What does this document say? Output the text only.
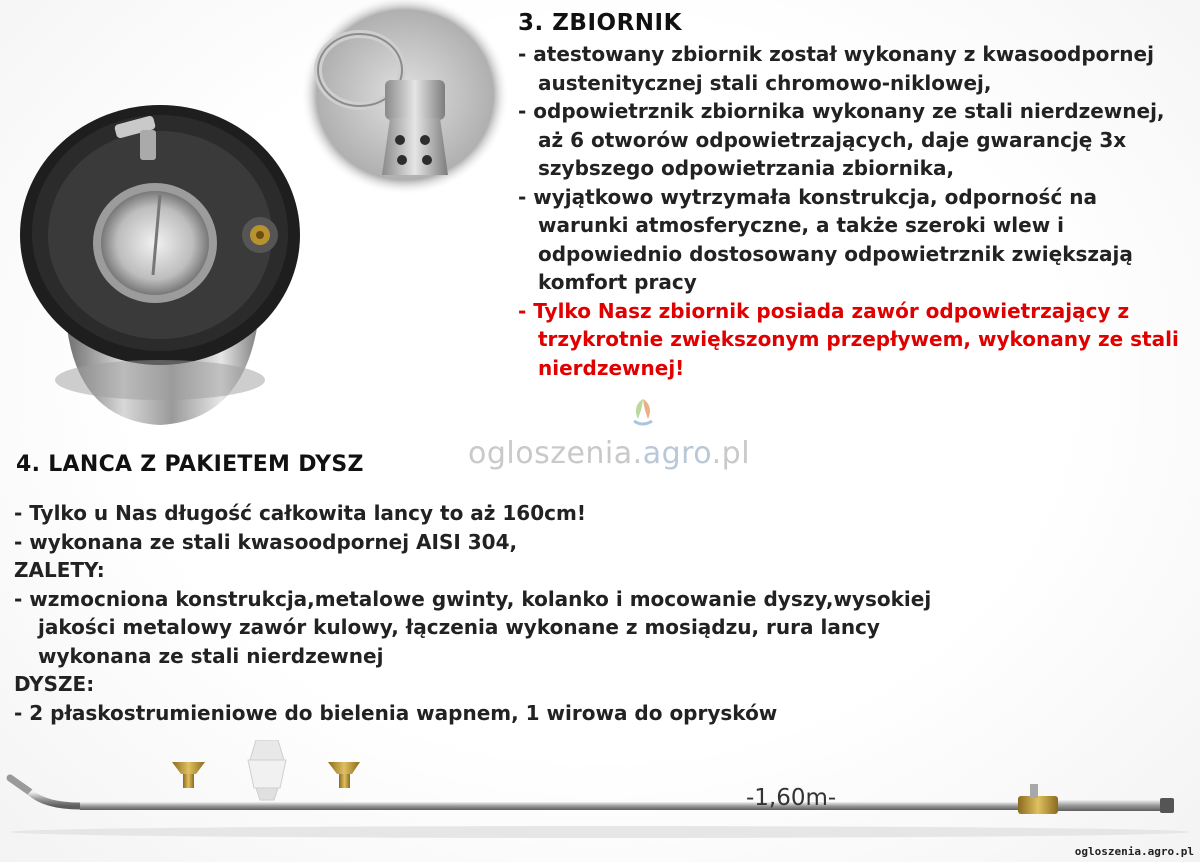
3. ZBIORNIK

- atestowany zbiornik został wykonany z kwasoodpornej austenitycznej stali chromowo-niklowej,

- odpowietrznik zbiornika wykonany ze stali nierdzewnej, aż 6 otworów odpowietrzających, daje gwarancję 3x szybszego odpowietrzania zbiornika,

- wyjątkowo wytrzymała konstrukcja, odporność na warunki atmosferyczne, a także szeroki wlew i odpowiednio dostosowany odpowietrznik zwiększają komfort pracy

- Tylko Nasz zbiornik posiada zawór odpowietrzający z trzykrotnie zwiększonym przepływem, wykonany ze stali nierdzewnej!

ogloszenia.agro.pl

4. LANCA Z PAKIETEM DYSZ

- Tylko u Nas długość całkowita lancy to aż 160cm!

- wykonana ze stali kwasoodpornej AISI 304,

ZALETY:

- wzmocniona konstrukcja,metalowe gwinty, kolanko i mocowanie dyszy,wysokiej

jakości metalowy zawór kulowy, łączenia wykonane z mosiądzu, rura lancy

wykonana ze stali nierdzewnej

DYSZE:

- 2 płaskostrumieniowe do bielenia wapnem, 1 wirowa do oprysków

-1,60m-
ogloszenia.agro.pl
